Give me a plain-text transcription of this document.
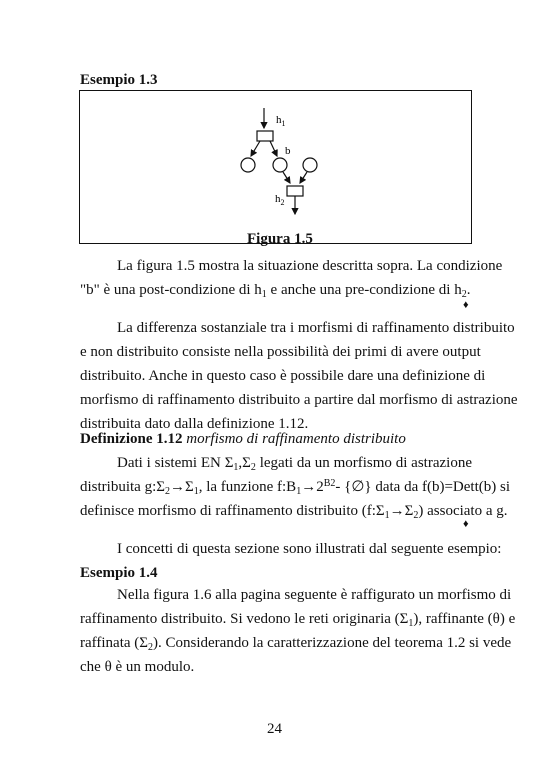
Esempio 1.3
$h_1$
b
$h_2$
Figura 1.5
La figura 1.5 mostra la situazione descritta sopra. La condizione
"b" è una post-condizione di $h_1$ e anche una pre-condizione di $h_2$.
♦
La differenza sostanziale tra i morfismi di raffinamento distribuito
e non distribuito consiste nella possibilità dei primi di avere output
distribuito. Anche in questo caso è possibile dare una definizione di
morfismo di raffinamento distribuito a partire dal morfismo di astrazione
distribuita dato dalla definizione 1.12.
Definizione 1.12 morfismo di raffinamento distribuito
Dati i sistemi EN $\Sigma_1,\Sigma_2$ legati da un morfismo di astrazione
distribuita $g:\Sigma_2\to\Sigma_1$, la funzione $f:B_1\to 2^{B2}-$ {∅} data da f(b)=Dett(b) si
definisce morfismo di raffinamento distribuito $(f:\Sigma_1\to\Sigma_2)$ associato a g.
♦
I concetti di questa sezione sono illustrati dal seguente esempio:
Esempio 1.4
Nella figura 1.6 alla pagina seguente è raffigurato un morfismo di
raffinamento distribuito. Si vedono le reti originaria $(\Sigma_1)$, raffinante (θ) e
raffinata $(\Sigma_2)$. Considerando la caratterizzazione del teorema 1.2 si vede
che θ è un modulo.
24
